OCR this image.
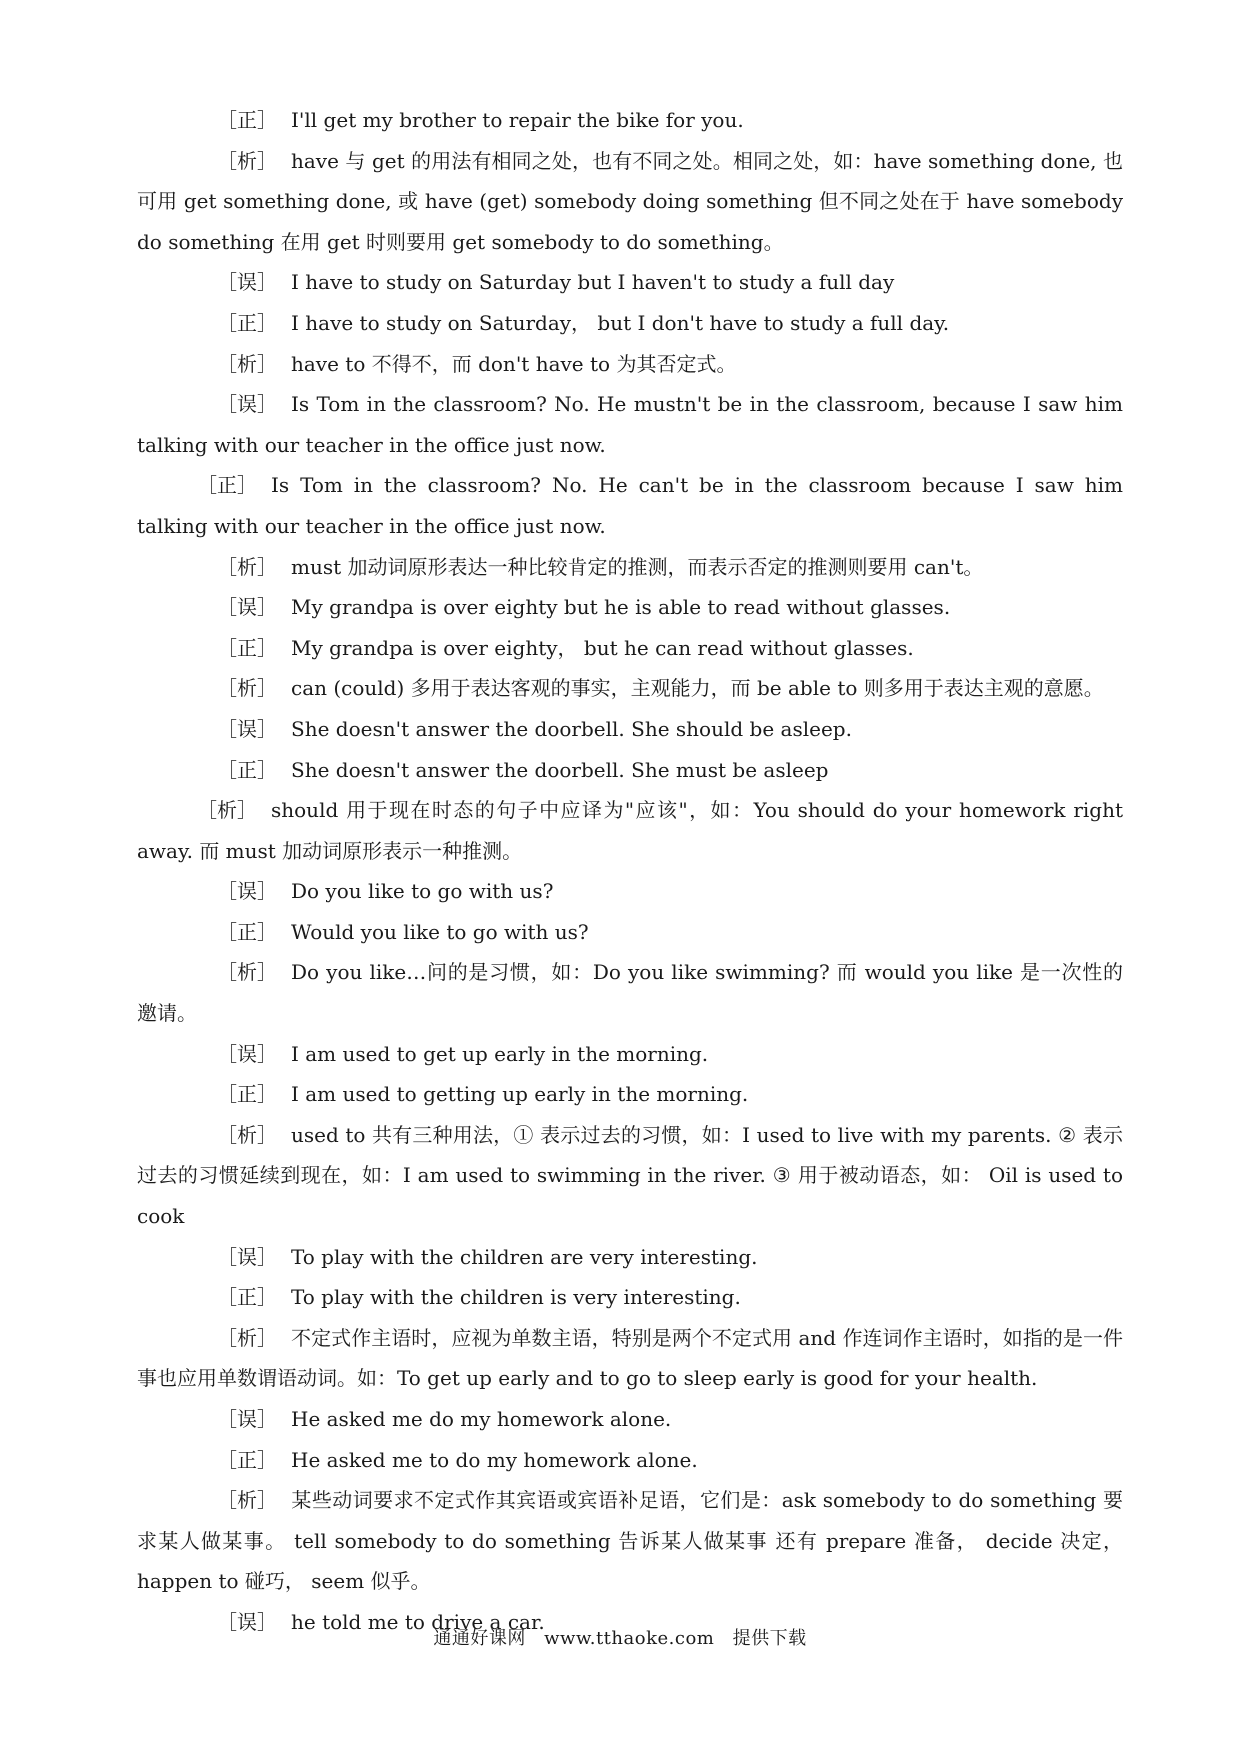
［正］ I'll get my brother to repair the bike for you.

［析］ have 与 get 的用法有相同之处，也有不同之处。相同之处，如：have something done, 也可用 get something done, 或 have (get) somebody doing something 但不同之处在于 have somebody do something 在用 get 时则要用 get somebody to do something。

［误］ I have to study on Saturday but I haven't to study a full day

［正］ I have to study on Saturday， but I don't have to study a full day.

［析］ have to 不得不，而 don't have to 为其否定式。

［误］ Is Tom in the classroom? No. He mustn't be in the classroom, because I saw him talking with our teacher in the office just now.

［正］ Is Tom in the classroom? No. He can't be in the classroom because I saw him talking with our teacher in the office just now.

［析］ must 加动词原形表达一种比较肯定的推测，而表示否定的推测则要用 can't。

［误］ My grandpa is over eighty but he is able to read without glasses.

［正］ My grandpa is over eighty， but he can read without glasses.

［析］ can (could) 多用于表达客观的事实，主观能力，而 be able to 则多用于表达主观的意愿。

［误］ She doesn't answer the doorbell. She should be asleep.

［正］ She doesn't answer the doorbell. She must be asleep

［析］ should 用于现在时态的句子中应译为"应该"，如：You should do your homework right away. 而 must 加动词原形表示一种推测。

［误］ Do you like to go with us?

［正］ Would you like to go with us?

［析］ Do you like…问的是习惯，如：Do you like swimming? 而 would you like 是一次性的邀请。

［误］ I am used to get up early in the morning.

［正］ I am used to getting up early in the morning.

［析］ used to 共有三种用法，① 表示过去的习惯，如：I used to live with my parents. ② 表示过去的习惯延续到现在，如：I am used to swimming in the river. ③ 用于被动语态，如： Oil is used to cook

［误］ To play with the children are very interesting.

［正］ To play with the children is very interesting.

［析］ 不定式作主语时，应视为单数主语，特别是两个不定式用 and 作连词作主语时，如指的是一件事也应用单数谓语动词。如：To get up early and to go to sleep early is good for your health.

［误］ He asked me do my homework alone.

［正］ He asked me to do my homework alone.

［析］ 某些动词要求不定式作其宾语或宾语补足语，它们是：ask somebody to do something 要求某人做某事。 tell somebody to do something 告诉某人做某事 还有 prepare 准备， decide 决定， happen to 碰巧， seem 似乎。

［误］ he told me to drive a car.

通通好课网 www.tthaoke.com 提供下载
